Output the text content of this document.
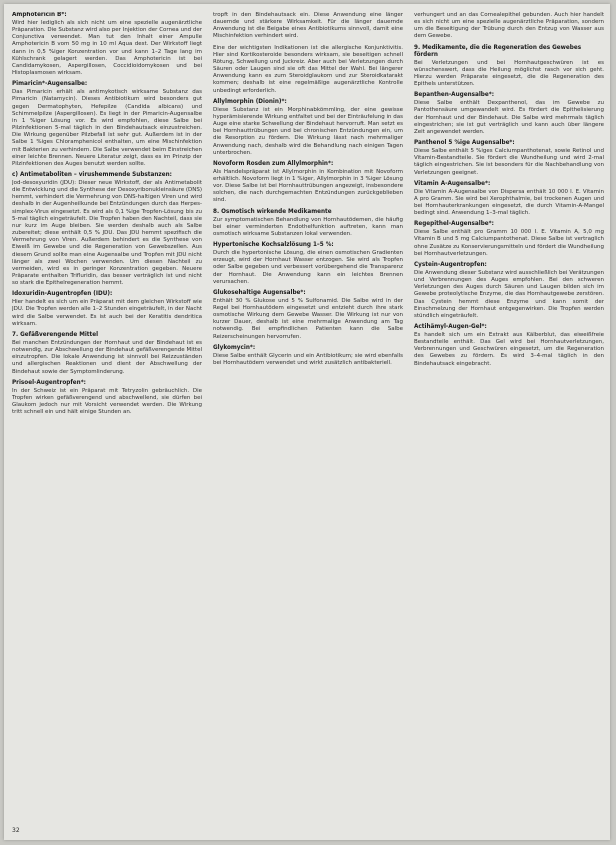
Amphotericin B*:

Wird hier lediglich als sich nicht um eine spezielle augenärztliche Präparation. Die Substanz wird also per Injektion der Cornea und der Conjunctiva verwendet. Man tut den Inhalt einer Ampulle Amphotericin B vom 50 mg in 10 ml Aqua dest. Der Wirkstoff liegt dann in 0,5 %iger Konzentration vor und kann 1–2 Tage lang im Kühlschrank gelagert werden. Das Amphotericin ist bei Candidamykosen, Aspergillosen, Coccidioidomykosen und bei Histoplasmosen wirksam.

Pimaricin*-Augensalbe:

Das Pimaricin erhält als antimykotisch wirksame Substanz das Pimaricin (Natamycin). Dieses Antibiotikum wird besonders gut gegen Dermatophyten, Hefepilze (Candida albicans) und Schimmelpilze (Aspergillosen). Es liegt in der Pimaricin-Augensalbe in 1 %iger Lösung vor. Es wird empfohlen, diese Salbe bei Pilzinfektionen 5-mal täglich in den Bindehautsack einzustreichen. Die Wirkung gegenüber Pilzbefall ist sehr gut. Außerdem ist in der Salbe 1 %iges Chloramphenicol enthalten, um eine Mischinfektion mit Bakterien zu verhindern. Die Salbe verwendet beim Einstreichen einer leichte Brennen. Neuere Literatur zeigt, dass es im Prinzip der Pilzinfektionen des Auges benutzt werden sollte.

c) Antimetaboliten – virushemmende Substanzen:

Jod-desoxyuridin (JDU): Dieser neue Wirkstoff, der als Antimetabolit die Entwicklung und die Synthese der Desoxyribonukleinsäure (DNS) hemmt, verhindert die Vermehrung von DNS-haltigen Viren und wird deshalb in der Augenheilkunde bei Entzündungen durch das Herpes-simplex-Virus eingesetzt. Es wird als 0,1 %ige Tropfen-Lösung bis zu 5-mal täglich eingeträufelt. Die Tropfen haben den Nachteil, dass sie nur kurz im Auge bleiben. Sie werden deshalb auch als Salbe zubereitet; diese enthält 0,5 % JDU. Das JDU hemmt spezifisch die Vermehrung von Viren. Außerdem behindert es die Synthese von Eiweiß im Gewebe und die Regeneration von Gewebszellen. Aus diesem Grund sollte man eine Augensalbe und Tropfen mit JDU nicht länger als zwei Wochen verwenden. Um diesen Nachteil zu vermeiden, wird es in geringer Konzentration gegeben. Neuere Präparate enthalten Trifluridin, das besser verträglich ist und nicht so stark die Epithelregeneration hemmt.

Idoxuridin-Augentropfen (IDU):

Hier handelt es sich um ein Präparat mit dem gleichen Wirkstoff wie JDU. Die Tropfen werden alle 1–2 Stunden eingeträufelt, in der Nacht wird die Salbe verwendet. Es ist auch bei der Keratitis dendritica wirksam.

7. Gefäßverengende Mittel

Bei manchen Entzündungen der Hornhaut und der Bindehaut ist es notwendig, zur Abschwellung der Bindehaut gefäßverengende Mittel einzutropfen. Die lokale Anwendung ist sinnvoll bei Reizzuständen und allergischen Reaktionen und dient der Abschwellung der Bindehaut sowie der Symptomlinderung.

Prisoel-Augentropfen*:

In der Schweiz ist ein Präparat mit Tetryzolin gebräuchlich. Die Tropfen wirken gefäßverengend und abschwellend, sie dürfen bei Glaukom jedoch nur mit Vorsicht verwendet werden. Die Wirkung tritt schnell ein und hält einige Stunden an.

tropft in den Bindehautsack ein. Diese Anwendung eine länger dauernde und stärkere Wirksamkeit. Für die länger dauernde Anwendung ist die Beigabe eines Antibiotikums sinnvoll, damit eine Mischinfektion verhindert wird.

Eine der wichtigsten Indikationen ist die allergische Konjunktivitis. Hier sind Kortikosteroide besonders wirksam, sie beseitigen schnell Rötung, Schwellung und Juckreiz. Aber auch bei Verletzungen durch Säuren oder Laugen sind sie oft das Mittel der Wahl. Bei längerer Anwendung kann es zum Steroidglaukom und zur Steroidkatarakt kommen; deshalb ist eine regelmäßige augenärztliche Kontrolle unbedingt erforderlich.

Allylmorphin (Dionin)*:

Diese Substanz ist ein Morphinabkömmling, der eine gewisse hyperämisierende Wirkung entfaltet und bei der Einträufelung in das Auge eine starke Schwellung der Bindehaut hervorruft. Man setzt es bei Hornhauttrübungen und bei chronischen Entzündungen ein, um die Resorption zu fördern. Die Wirkung lässt nach mehrmaliger Anwendung nach, deshalb wird die Behandlung nach einigen Tagen unterbrochen.

Novoform Rosden zum Allylmorphin*:

Als Handelspräparat ist Allylmorphin in Kombination mit Novoform erhältlich. Novoform liegt in 1 %iger, Allylmorphin in 3 %iger Lösung vor. Diese Salbe ist bei Hornhauttrübungen angezeigt, insbesondere solchen, die nach durchgemachten Entzündungen zurückgeblieben sind.

8. Osmotisch wirkende Medikamente

Zur symptomatischen Behandlung von Hornhautödemen, die häufig bei einer verminderten Endothelfunktion auftreten, kann man osmotisch wirksame Substanzen lokal verwenden.

Hypertonische Kochsalzlösung 1–5 %:

Durch die hypertonische Lösung, die einen osmotischen Gradienten erzeugt, wird der Hornhaut Wasser entzogen. Sie wird als Tropfen oder Salbe gegeben und verbessert vorübergehend die Transparenz der Hornhaut. Die Anwendung kann ein leichtes Brennen verursachen.

Glukosehaltige Augensalbe*:

Enthält 30 % Glukose und 5 % Sulfonamid. Die Salbe wird in der Regel bei Hornhautödem eingesetzt und entzieht durch ihre stark osmotische Wirkung dem Gewebe Wasser. Die Wirkung ist nur von kurzer Dauer, deshalb ist eine mehrmalige Anwendung am Tag notwendig. Bei empfindlichen Patienten kann die Salbe Reizerscheinungen hervorrufen.

Glykomycin*:

Diese Salbe enthält Glycerin und ein Antibiotikum; sie wird ebenfalls bei Hornhautödem verwendet und wirkt zusätzlich antibakteriell.

verhungert und an das Cornealepithel gebunden. Auch hier handelt es sich nicht um eine spezielle augenärztliche Präparation, sondern um die Beseitigung der Trübung durch den Entzug von Wasser aus dem Gewebe.

9. Medikamente, die die Regeneration des Gewebes fördern

Bei Verletzungen und bei Hornhautgeschwüren ist es wünschenswert, dass die Heilung möglichst rasch vor sich geht. Hierzu werden Präparate eingesetzt, die die Regeneration des Epithels unterstützen.

Bepanthen-Augensalbe*:

Diese Salbe enthält Dexpanthenol, das im Gewebe zu Pantothensäure umgewandelt wird. Es fördert die Epithelisierung der Hornhaut und der Bindehaut. Die Salbe wird mehrmals täglich eingestrichen; sie ist gut verträglich und kann auch über längere Zeit angewendet werden.

Panthenol 5 %ige Augensalbe*:

Diese Salbe enthält 5 %iges Calciumpanthotenat, sowie Retinol und Vitamin-Bestandteile. Sie fördert die Wundheilung und wird 2-mal täglich eingestrichen. Sie ist besonders für die Nachbehandlung von Verletzungen geeignet.

Vitamin A-Augensalbe*:

Die Vitamin A-Augensalbe von Dispersa enthält 10 000 I. E. Vitamin A pro Gramm. Sie wird bei Xerophthalmie, bei trockenen Augen und bei Hornhauterkrankungen eingesetzt, die durch Vitamin-A-Mangel bedingt sind. Anwendung 1–3-mal täglich.

Regepithel-Augensalbe*:

Diese Salbe enthält pro Gramm 10 000 I. E. Vitamin A, 5,0 mg Vitamin B und 5 mg Calciumpantothenat. Diese Salbe ist vertraglich ohne Zusätze zu Konservierungsmitteln und fördert die Wundheilung bei Hornhautverletzungen.

Cystein-Augentropfen:

Die Anwendung dieser Substanz wird ausschließlich bei Verätzungen und Verbrennungen des Auges empfohlen. Bei den schweren Verletzungen des Auges durch Säuren und Laugen bilden sich im Gewebe proteolytische Enzyme, die das Hornhautgewebe zerstören. Das Cystein hemmt diese Enzyme und kann somit der Einschmelzung der Hornhaut entgegenwirken. Die Tropfen werden stündlich eingeträufelt.

Actihämyl-Augen-Gel*:

Es handelt sich um ein Extrakt aus Kälberblut, das eiweißfreie Bestandteile enthält. Das Gel wird bei Hornhautverletzungen, Verbrennungen und Geschwüren eingesetzt, um die Regeneration des Gewebes zu fördern. Es wird 3–4-mal täglich in den Bindehautsack eingebracht.

32
